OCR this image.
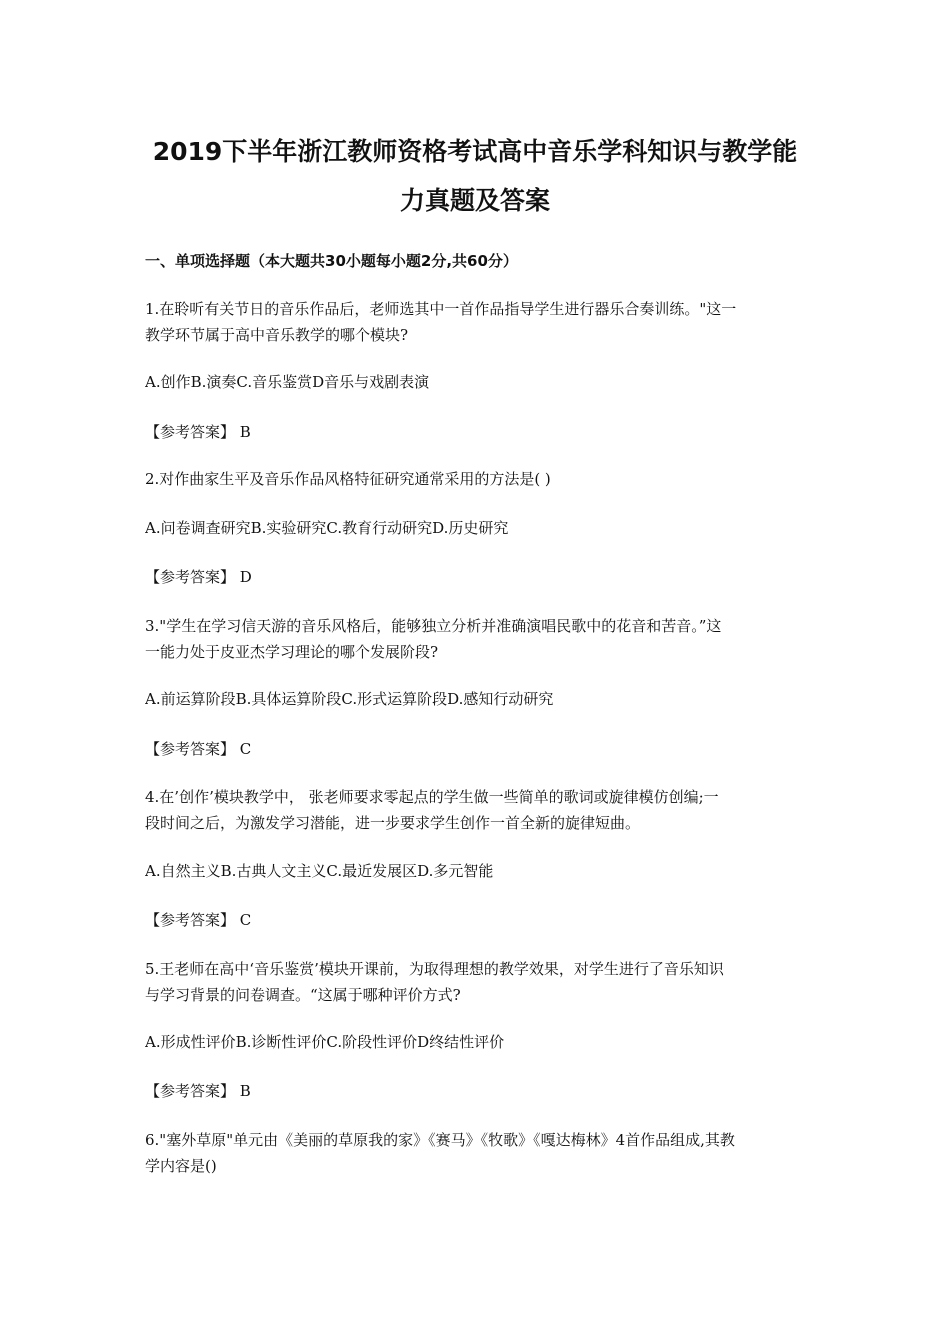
2019下半年浙江教师资格考试高中音乐学科知识与教学能
力真题及答案
一、单项选择题（本大题共30小题每小题2分,共60分）
1.在聆听有关节日的音乐作品后，老师选其中一首作品指导学生进行器乐合奏训练。"这一
教学环节属于高中音乐教学的哪个模块?
A.创作B.演奏C.音乐鉴赏D音乐与戏剧表演
【参考答案】 B
2.对作曲家生平及音乐作品风格特征研究通常采用的方法是( )
A.问卷调查研究B.实验研究C.教育行动研究D.历史研究
【参考答案】 D
3."学生在学习信天游的音乐风格后，能够独立分析并准确演唱民歌中的花音和苦音。”这
一能力处于皮亚杰学习理论的哪个发展阶段?
A.前运算阶段B.具体运算阶段C.形式运算阶段D.感知行动研究
【参考答案】 C
4.在’创作’模块教学中， 张老师要求零起点的学生做一些简单的歌词或旋律模仿创编;一
段时间之后，为激发学习潜能，进一步要求学生创作一首全新的旋律短曲。
A.自然主义B.古典人文主义C.最近发展区D.多元智能
【参考答案】 C
5.王老师在高中‘音乐鉴赏’模块开课前，为取得理想的教学效果，对学生进行了音乐知识
与学习背景的问卷调查。“这属于哪种评价方式?
A.形成性评价B.诊断性评价C.阶段性评价D终结性评价
【参考答案】 B
6."塞外草原"单元由《美丽的草原我的家》《赛马》《牧歌》《嘎达梅林》4首作品组成,其教
学内容是()
